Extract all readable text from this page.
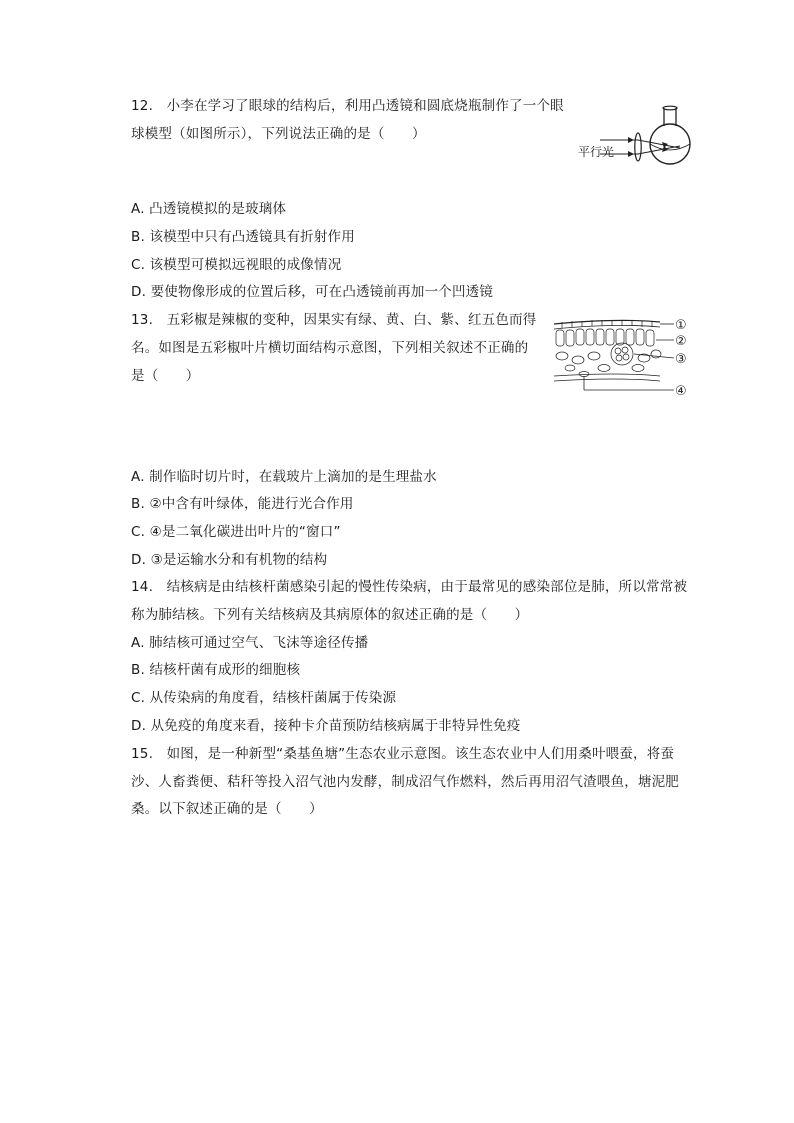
12. 小李在学习了眼球的结构后，利用凸透镜和圆底烧瓶制作了一个眼
球模型（如图所示），下列说法正确的是（　　）
平行光
A. 凸透镜模拟的是玻璃体
B. 该模型中只有凸透镜具有折射作用
C. 该模型可模拟远视眼的成像情况
D. 要使物像形成的位置后移，可在凸透镜前再加一个凹透镜
13. 五彩椒是辣椒的变种，因果实有绿、黄、白、紫、红五色而得
名。如图是五彩椒叶片横切面结构示意图，下列相关叙述不正确的
是（　　）
①
②
③
④
A. 制作临时切片时，在载玻片上滴加的是生理盐水
B. ②中含有叶绿体，能进行光合作用
C. ④是二氧化碳进出叶片的“窗口”
D. ③是运输水分和有机物的结构
14. 结核病是由结核杆菌感染引起的慢性传染病，由于最常见的感染部位是肺，所以常常被
称为肺结核。下列有关结核病及其病原体的叙述正确的是（　　）
A. 肺结核可通过空气、飞沫等途径传播
B. 结核杆菌有成形的细胞核
C. 从传染病的角度看，结核杆菌属于传染源
D. 从免疫的角度来看，接种卡介苗预防结核病属于非特异性免疫
15. 如图，是一种新型“桑基鱼塘”生态农业示意图。该生态农业中人们用桑叶喂蚕，将蚕
沙、人畜粪便、秸秆等投入沼气池内发酵，制成沼气作燃料，然后再用沼气渣喂鱼，塘泥肥
桑。以下叙述正确的是（　　）
